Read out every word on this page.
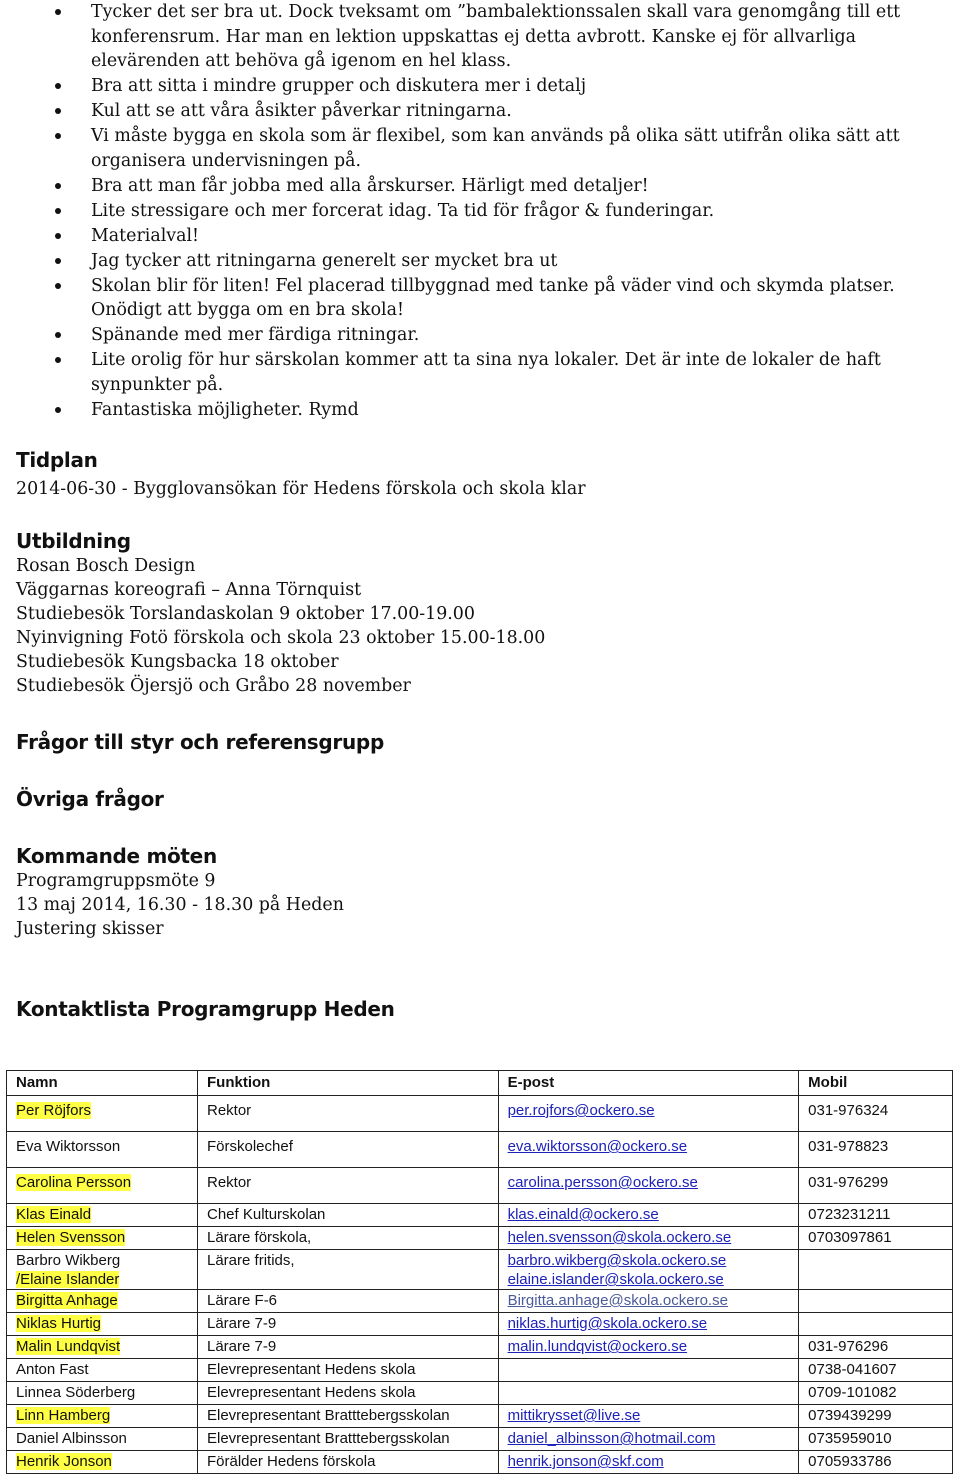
Tycker det ser bra ut. Dock tveksamt om ”bambalektionssalen skall vara genomgång till ett konferensrum. Har man en lektion uppskattas ej detta avbrott. Kanske ej för allvarliga elevärenden att behöva gå igenom en hel klass.
Bra att sitta i mindre grupper och diskutera mer i detalj
Kul att se att våra åsikter påverkar ritningarna.
Vi måste bygga en skola som är flexibel, som kan används på olika sätt utifrån olika sätt att organisera undervisningen på.
Bra att man får jobba med alla årskurser. Härligt med detaljer!
Lite stressigare och mer forcerat idag. Ta tid för frågor & funderingar.
Materialval!
Jag tycker att ritningarna generelt ser mycket bra ut
Skolan blir för liten! Fel placerad tillbyggnad med tanke på väder vind och skymda platser. Onödigt att bygga om en bra skola!
Spänande med mer färdiga ritningar.
Lite orolig för hur särskolan kommer att ta sina nya lokaler. Det är inte de lokaler de haft synpunkter på.
Fantastiska möjligheter. Rymd
Tidplan

2014-06-30 - Bygglovansökan för Hedens förskola och skola klar

Utbildning

Rosan Bosch Design

Väggarnas koreografi – Anna Törnquist

Studiebesök Torslandaskolan 9 oktober 17.00-19.00

Nyinvigning Fotö förskola och skola 23 oktober 15.00-18.00

Studiebesök Kungsbacka 18 oktober

Studiebesök Öjersjö och Gråbo 28 november

Frågor till styr och referensgrupp
Övriga frågor
Kommande möten

Programgruppsmöte 9

13 maj 2014, 16.30 - 18.30 på Heden

Justering skisser

Kontaktlista Programgrupp Heden
Namn	Funktion	E-post	Mobil
Per Röjfors	Rektor	per.rojfors@ockero.se	031-976324
Eva Wiktorsson	Förskolechef	eva.wiktorsson@ockero.se	031-978823
Carolina Persson	Rektor	carolina.persson@ockero.se	031-976299
Klas Einald	Chef Kulturskolan	klas.einald@ockero.se	0723231211
Helen Svensson	Lärare förskola,	helen.svensson@skola.ockero.se	0703097861
Barbro Wikberg
/Elaine Islander	Lärare fritids,	barbro.wikberg@skola.ockero.se
elaine.islander@skola.ockero.se	
Birgitta Anhage	Lärare F-6	Birgitta.anhage@skola.ockero.se	
Niklas Hurtig	Lärare 7-9	niklas.hurtig@skola.ockero.se	
Malin Lundqvist	Lärare 7-9	malin.lundqvist@ockero.se	031-976296
Anton Fast	Elevrepresentant Hedens skola		0738-041607
Linnea Söderberg	Elevrepresentant Hedens skola		0709-101082
Linn Hamberg	Elevrepresentant Bratttebergsskolan	mittikrysset@live.se	0739439299
Daniel Albinsson	Elevrepresentant Bratttebergsskolan	daniel_albinsson@hotmail.com	0735959010
Henrik Jonson	Förälder Hedens förskola	henrik.jonson@skf.com	0705933786
